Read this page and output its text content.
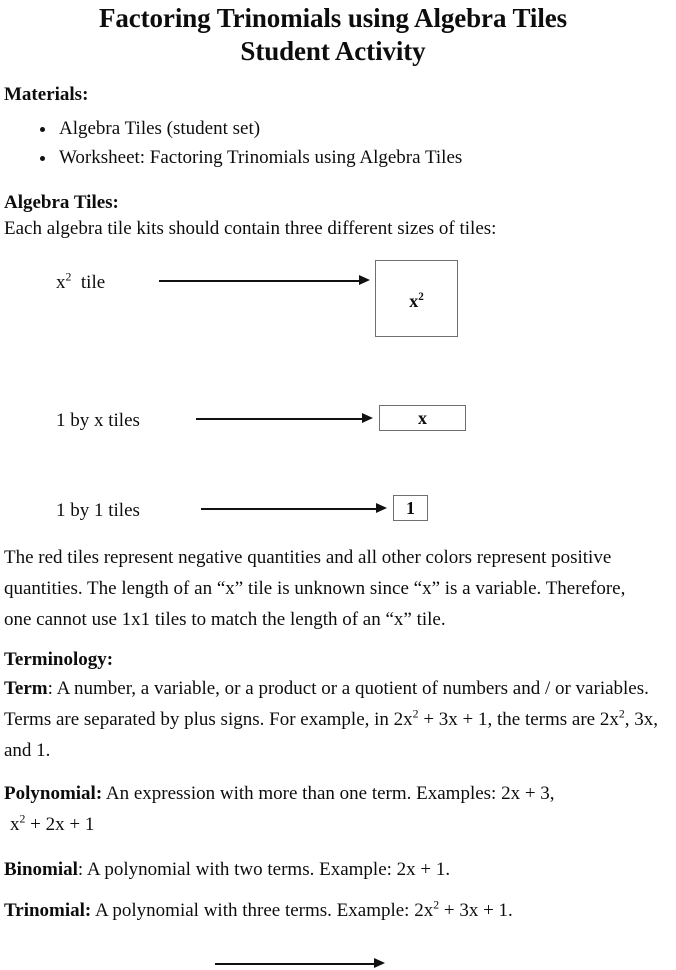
Factoring Trinomials using Algebra Tiles
Student Activity
Materials:
Algebra Tiles (student set)
Worksheet: Factoring Trinomials using Algebra Tiles
Algebra Tiles:
Each algebra tile kits should contain three different sizes of tiles:
$x^2$  tile
$x^2$
1 by x tiles	x
1 by 1 tiles	1
The red tiles represent negative quantities and all other colors represent positive
quantities. The length of an “x” tile is unknown since “x” is a variable. Therefore,
one cannot use 1x1 tiles to match the length of an “x” tile.
Terminology:
Term: A number, a variable, or a product or a quotient of numbers and / or variables. Terms are separated by plus signs. For example, in $2x^2 + 3x + 1$, the terms are $2x^2$, 3x, and 1.
Polynomial: An expression with more than one term. Examples: 2x + 3,
$x^2 + 2x + 1$
Binomial: A polynomial with two terms. Example: 2x + 1.
Trinomial: A polynomial with three terms. Example: $2x^2 + 3x + 1$.
